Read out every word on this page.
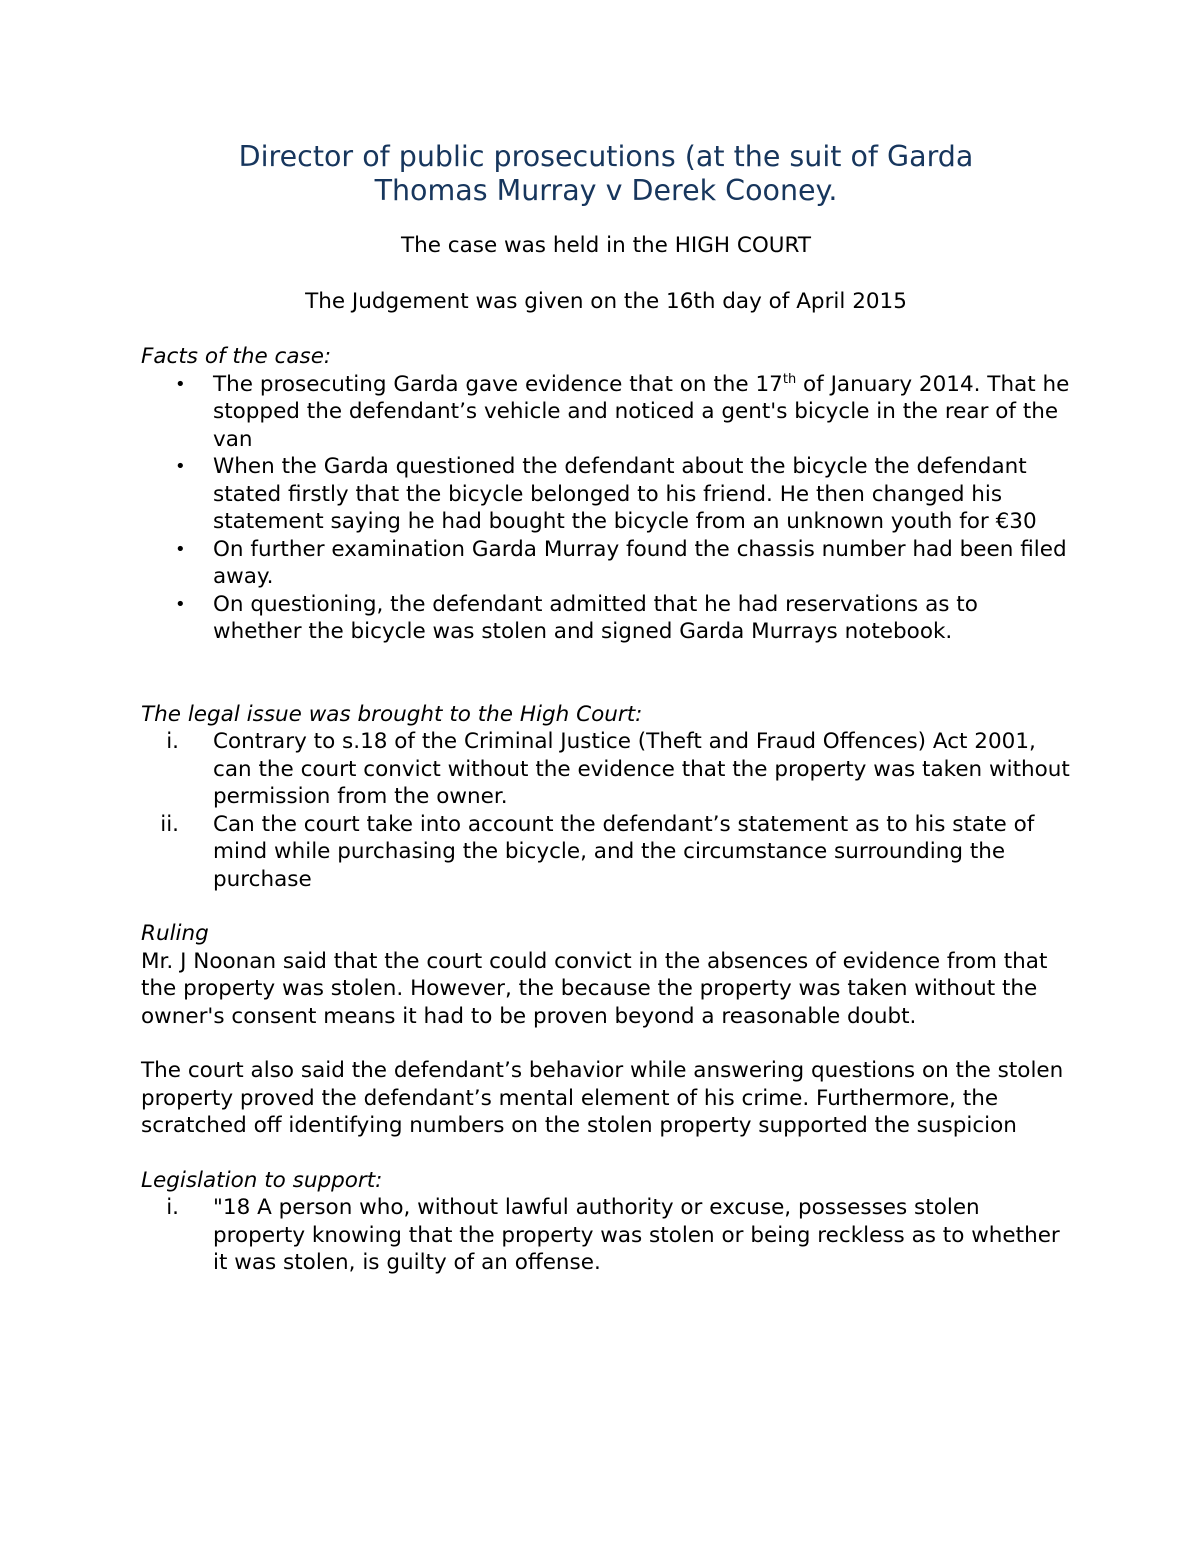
Director of public prosecutions (at the suit of Garda
Thomas Murray v Derek Cooney.

The case was held in the HIGH COURT

The Judgement was given on the 16th day of April 2015

Facts of the case:

• The prosecuting Garda gave evidence that on the 17th of January 2014. That he stopped the defendant’s vehicle and noticed a gent's bicycle in the rear of the van
• When the Garda questioned the defendant about the bicycle the defendant stated firstly that the bicycle belonged to his friend. He then changed his statement saying he had bought the bicycle from an unknown youth for €30
• On further examination Garda Murray found the chassis number had been filed away.
• On questioning, the defendant admitted that he had reservations as to whether the bicycle was stolen and signed Garda Murrays notebook.

The legal issue was brought to the High Court:

i. Contrary to s.18 of the Criminal Justice (Theft and Fraud Offences) Act 2001, can the court convict without the evidence that the property was taken without permission from the owner.
ii. Can the court take into account the defendant’s statement as to his state of mind while purchasing the bicycle, and the circumstance surrounding the purchase

Ruling

Mr. J Noonan said that the court could convict in the absences of evidence from that the property was stolen. However, the because the property was taken without the owner's consent means it had to be proven beyond a reasonable doubt.

The court also said the defendant’s behavior while answering questions on the stolen property proved the defendant’s mental element of his crime. Furthermore, the scratched off identifying numbers on the stolen property supported the suspicion

Legislation to support:

i. "18 A person who, without lawful authority or excuse, possesses stolen property knowing that the property was stolen or being reckless as to whether it was stolen, is guilty of an offense.
